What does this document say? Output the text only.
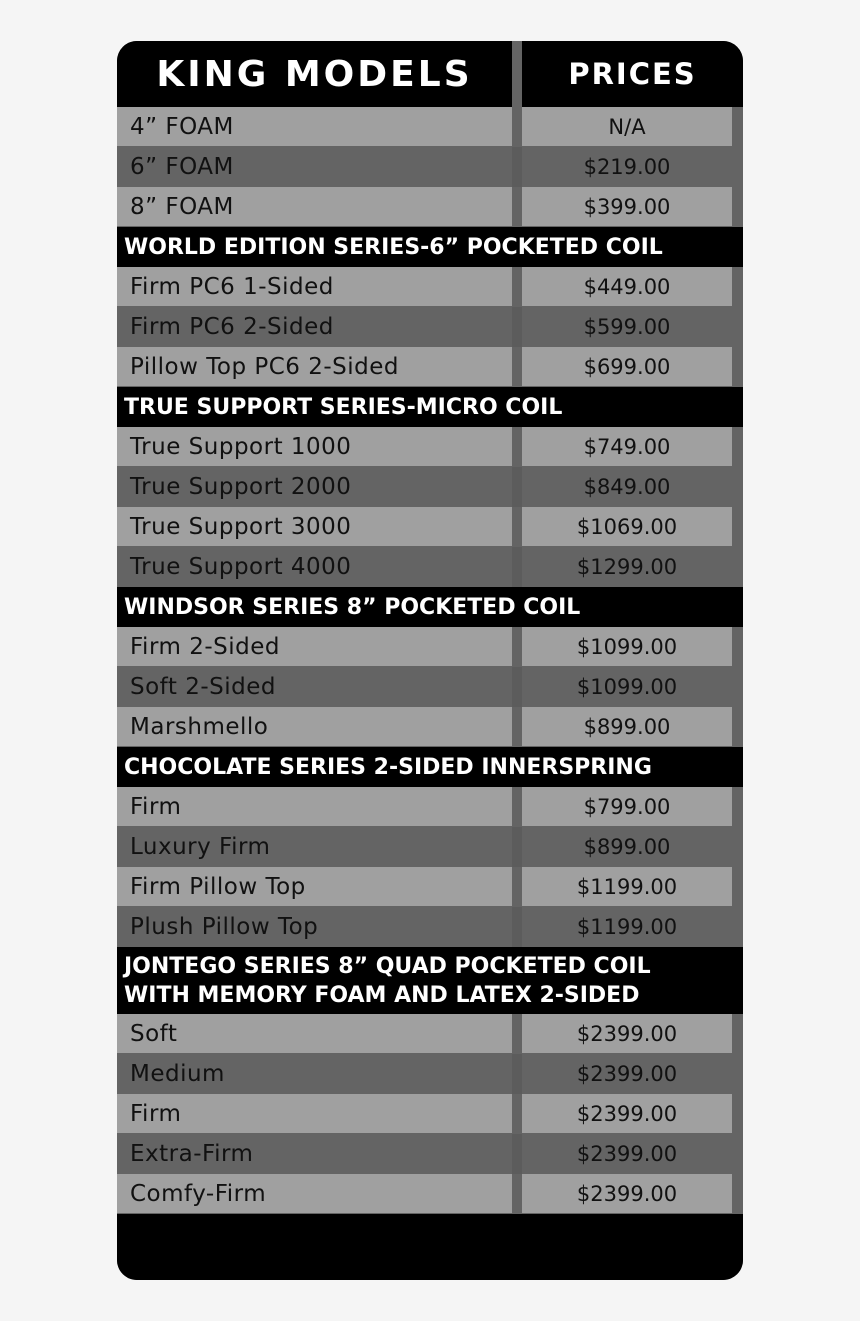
KING MODELS	PRICES
4” FOAM	N/A
6” FOAM	$219.00
8” FOAM	$399.00
WORLD EDITION SERIES-6” POCKETED COIL
Firm PC6 1-Sided	$449.00
Firm PC6 2-Sided	$599.00
Pillow Top PC6 2-Sided	$699.00
TRUE SUPPORT SERIES-MICRO COIL
True Support 1000	$749.00
True Support 2000	$849.00
True Support 3000	$1069.00
True Support 4000	$1299.00
WINDSOR SERIES 8” POCKETED COIL
Firm 2-Sided	$1099.00
Soft 2-Sided	$1099.00
Marshmello	$899.00
CHOCOLATE SERIES 2-SIDED INNERSPRING
Firm	$799.00
Luxury Firm	$899.00
Firm Pillow Top	$1199.00
Plush Pillow Top	$1199.00
JONTEGO SERIES 8” QUAD POCKETED COIL
WITH MEMORY FOAM AND LATEX 2-SIDED
Soft	$2399.00
Medium	$2399.00
Firm	$2399.00
Extra-Firm	$2399.00
Comfy-Firm	$2399.00
